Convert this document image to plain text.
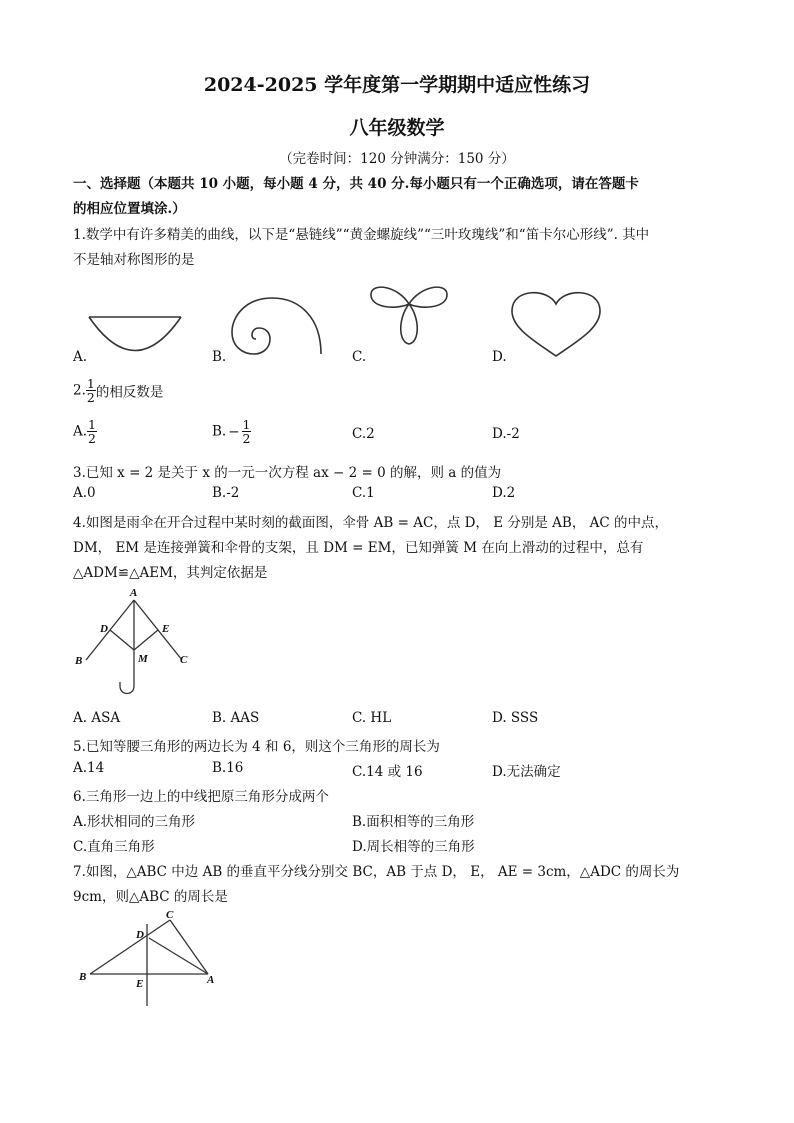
2024-2025 学年度第一学期期中适应性练习
八年级数学
（完卷时间：120 分钟满分：150 分）
一、选择题（本题共 10 小题，每小题 4 分，共 40 分.每小题只有一个正确选项，请在答题卡
的相应位置填涂.）
1.数学中有许多精美的曲线，以下是“悬链线”“黄金螺旋线”“三叶玫瑰线”和“笛卡尔心形线”. 其中
不是轴对称图形的是
A.	B.	C.	D.
2. $\frac{1}{2}$ 的相反数是
A. $\frac{1}{2}$	B. − $\frac{1}{2}$	C.2	D.-2
3.已知 x = 2 是关于 x 的一元一次方程 ax − 2 = 0 的解，则 a 的值为
A.0	B.-2	C.1	D.2
4.如图是雨伞在开合过程中某时刻的截面图，伞骨 AB = AC，点 D， E 分别是 AB， AC 的中点，
DM， EM 是连接弹簧和伞骨的支架，且 DM = EM，已知弹簧 M 在向上滑动的过程中，总有
△ADM≌△AEM，其判定依据是
A
D	E
M
B	C
A. ASA	B. AAS	C. HL	D. SSS
5.已知等腰三角形的两边长为 4 和 6，则这个三角形的周长为
A.14	B.16	C.14 或 16	D.无法确定
6.三角形一边上的中线把原三角形分成两个
A.形状相同的三角形	B.面积相等的三角形
C.直角三角形	D.周长相等的三角形
7.如图，△ABC 中边 AB 的垂直平分线分别交 BC，AB 于点 D， E， AE = 3cm，△ADC 的周长为
9cm，则△ABC 的周长是
C
D
B
E	A
